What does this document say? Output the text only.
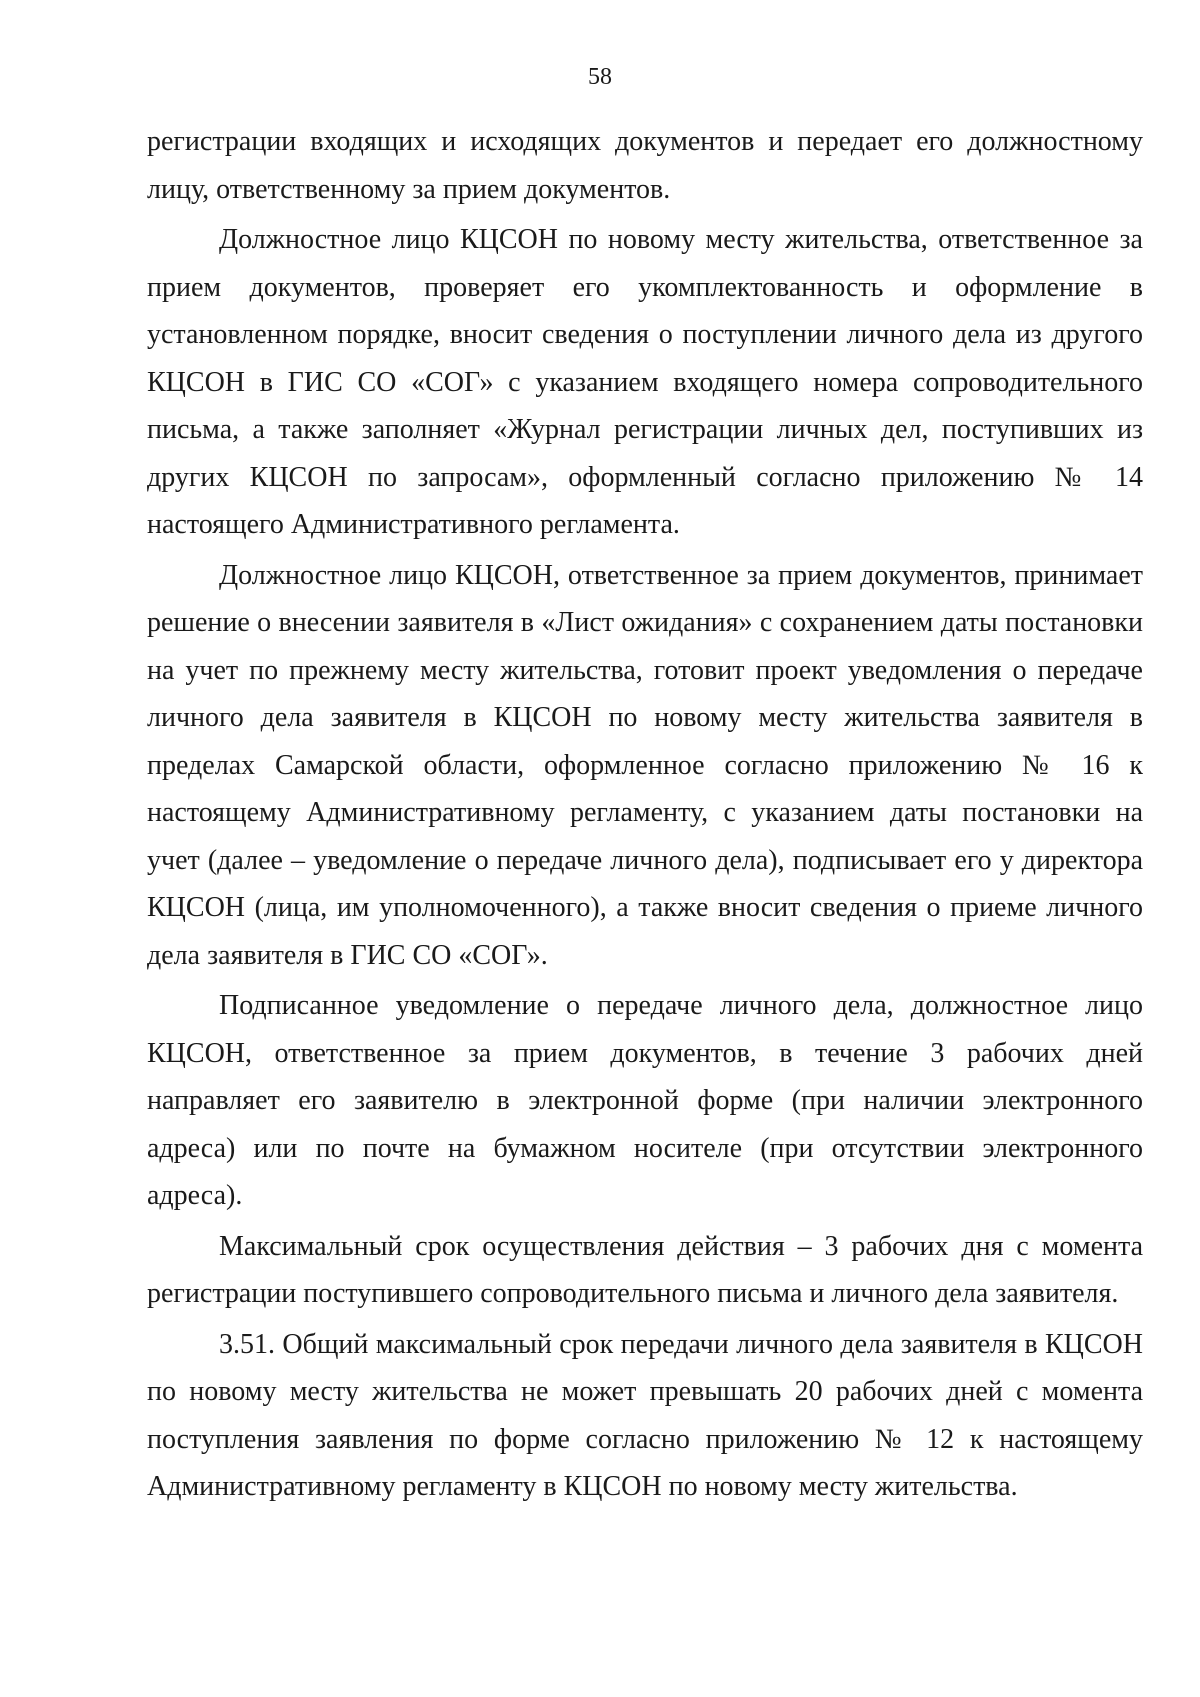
58

регистрации входящих и исходящих документов и передает его должностному лицу, ответственному за прием документов.

Должностное лицо КЦСОН по новому месту жительства, ответственное за прием документов, проверяет его укомплектованность и оформление в установленном порядке, вносит сведения о поступлении личного дела из другого КЦСОН в ГИС СО «СОГ» с указанием входящего номера сопроводительного письма, а также заполняет «Журнал регистрации личных дел, поступивших из других КЦСОН по запросам», оформленный согласно приложению № 14 настоящего Административного регламента.

Должностное лицо КЦСОН, ответственное за прием документов, принимает решение о внесении заявителя в «Лист ожидания» с сохранением даты постановки на учет по прежнему месту жительства, готовит проект уведомления о передаче личного дела заявителя в КЦСОН по новому месту жительства заявителя в пределах Самарской области, оформленное согласно приложению № 16 к настоящему Административному регламенту, с указанием даты постановки на учет (далее – уведомление о передаче личного дела), подписывает его у директора КЦСОН (лица, им уполномоченного), а также вносит сведения о приеме личного дела заявителя в ГИС СО «СОГ».

Подписанное уведомление о передаче личного дела, должностное лицо КЦСОН, ответственное за прием документов, в течение 3 рабочих дней направляет его заявителю в электронной форме (при наличии электронного адреса) или по почте на бумажном носителе (при отсутствии электронного адреса).

Максимальный срок осуществления действия – 3 рабочих дня с момента регистрации поступившего сопроводительного письма и личного дела заявителя.

3.51. Общий максимальный срок передачи личного дела заявителя в КЦСОН по новому месту жительства не может превышать 20 рабочих дней с момента поступления заявления по форме согласно приложению № 12 к настоящему Административному регламенту в КЦСОН по новому месту жительства.
